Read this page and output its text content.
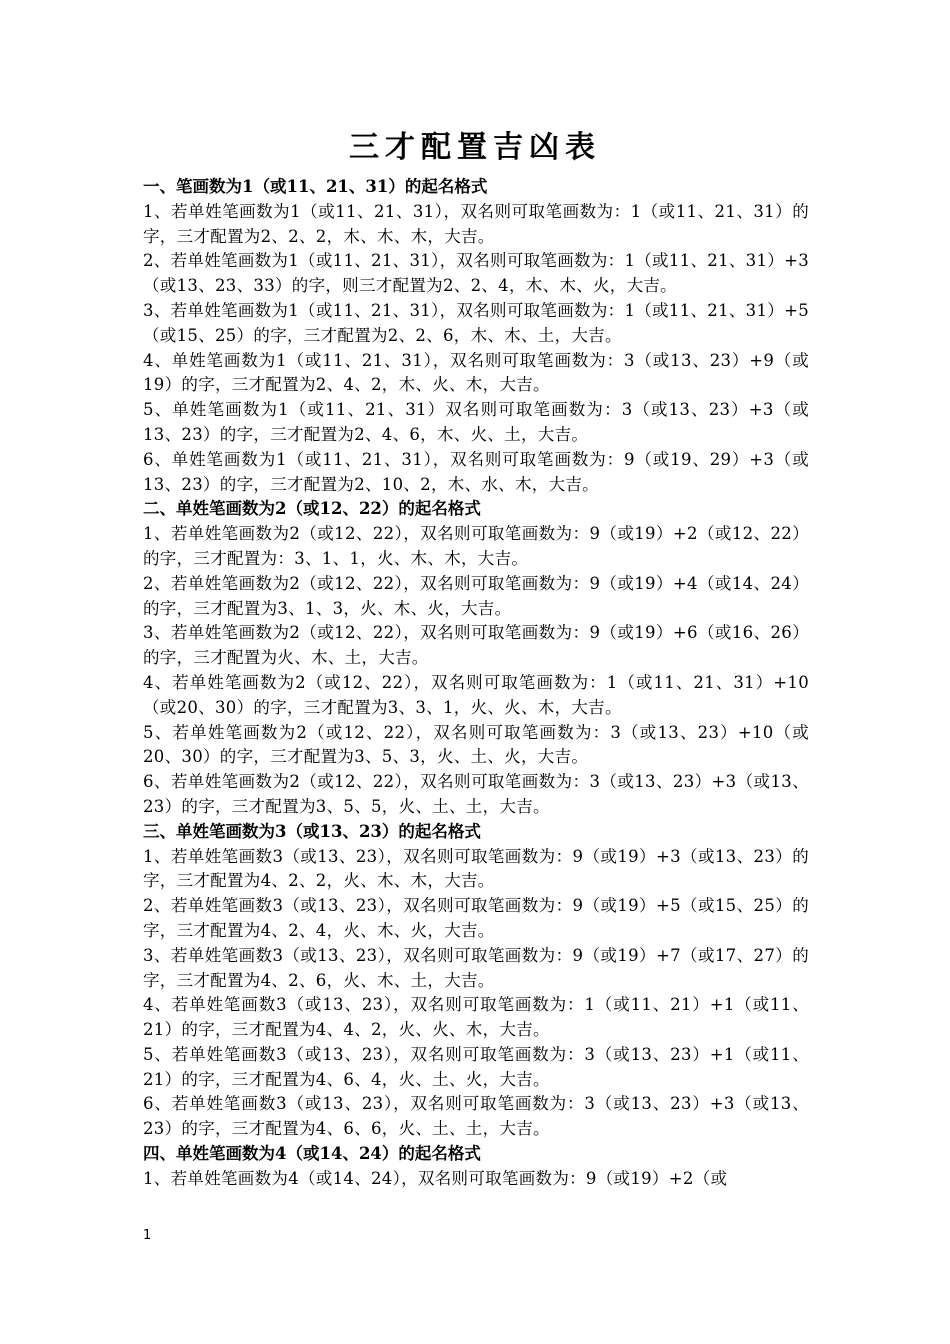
三才配置吉凶表
一、笔画数为1（或11、21、31）的起名格式
1、若单姓笔画数为1（或11、21、31），双名则可取笔画数为：1（或11、21、31）的字，三才配置为2、2、2，木、木、木，大吉。
2、若单姓笔画数为1（或11、21、31），双名则可取笔画数为：1（或11、21、31）+3（或13、23、33）的字，则三才配置为2、2、4，木、木、火，大吉。
3、若单姓笔画数为1（或11、21、31），双名则可取笔画数为：1（或11、21、31）+5（或15、25）的字，三才配置为2、2、6，木、木、土，大吉。
4、单姓笔画数为1（或11、21、31），双名则可取笔画数为：3（或13、23）+9（或19）的字，三才配置为2、4、2，木、火、木，大吉。
5、单姓笔画数为1（或11、21、31）双名则可取笔画数为：3（或13、23）+3（或13、23）的字，三才配置为2、4、6，木、火、土，大吉。
6、单姓笔画数为1（或11、21、31），双名则可取笔画数为：9（或19、29）+3（或13、23）的字，三才配置为2、10、2，木、水、木，大吉。
二、单姓笔画数为2（或12、22）的起名格式
1、若单姓笔画数为2（或12、22），双名则可取笔画数为：9（或19）+2（或12、22）的字，三才配置为：3、1、1，火、木、木，大吉。
2、若单姓笔画数为2（或12、22），双名则可取笔画数为：9（或19）+4（或14、24）的字，三才配置为3、1、3，火、木、火，大吉。
3、若单姓笔画数为2（或12、22），双名则可取笔画数为：9（或19）+6（或16、26）的字，三才配置为火、木、土，大吉。
4、若单姓笔画数为2（或12、22），双名则可取笔画数为：1（或11、21、31）+10（或20、30）的字，三才配置为3、3、1，火、火、木，大吉。
5、若单姓笔画数为2（或12、22），双名则可取笔画数为：3（或13、23）+10（或20、30）的字，三才配置为3、5、3，火、土、火，大吉。
6、若单姓笔画数为2（或12、22），双名则可取笔画数为：3（或13、23）+3（或13、23）的字，三才配置为3、5、5，火、土、土，大吉。
三、单姓笔画数为3（或13、23）的起名格式
1、若单姓笔画数3（或13、23），双名则可取笔画数为：9（或19）+3（或13、23）的字，三才配置为4、2、2，火、木、木，大吉。
2、若单姓笔画数3（或13、23），双名则可取笔画数为：9（或19）+5（或15、25）的字，三才配置为4、2、4，火、木、火，大吉。
3、若单姓笔画数3（或13、23），双名则可取笔画数为：9（或19）+7（或17、27）的字，三才配置为4、2、6，火、木、土，大吉。
4、若单姓笔画数3（或13、23），双名则可取笔画数为：1（或11、21）+1（或11、21）的字，三才配置为4、4、2，火、火、木，大吉。
5、若单姓笔画数3（或13、23），双名则可取笔画数为：3（或13、23）+1（或11、21）的字，三才配置为4、6、4，火、土、火，大吉。
6、若单姓笔画数3（或13、23），双名则可取笔画数为：3（或13、23）+3（或13、23）的字，三才配置为4、6、6，火、土、土，大吉。
四、单姓笔画数为4（或14、24）的起名格式
1、若单姓笔画数为4（或14、24），双名则可取笔画数为：9（或19）+2（或
1
